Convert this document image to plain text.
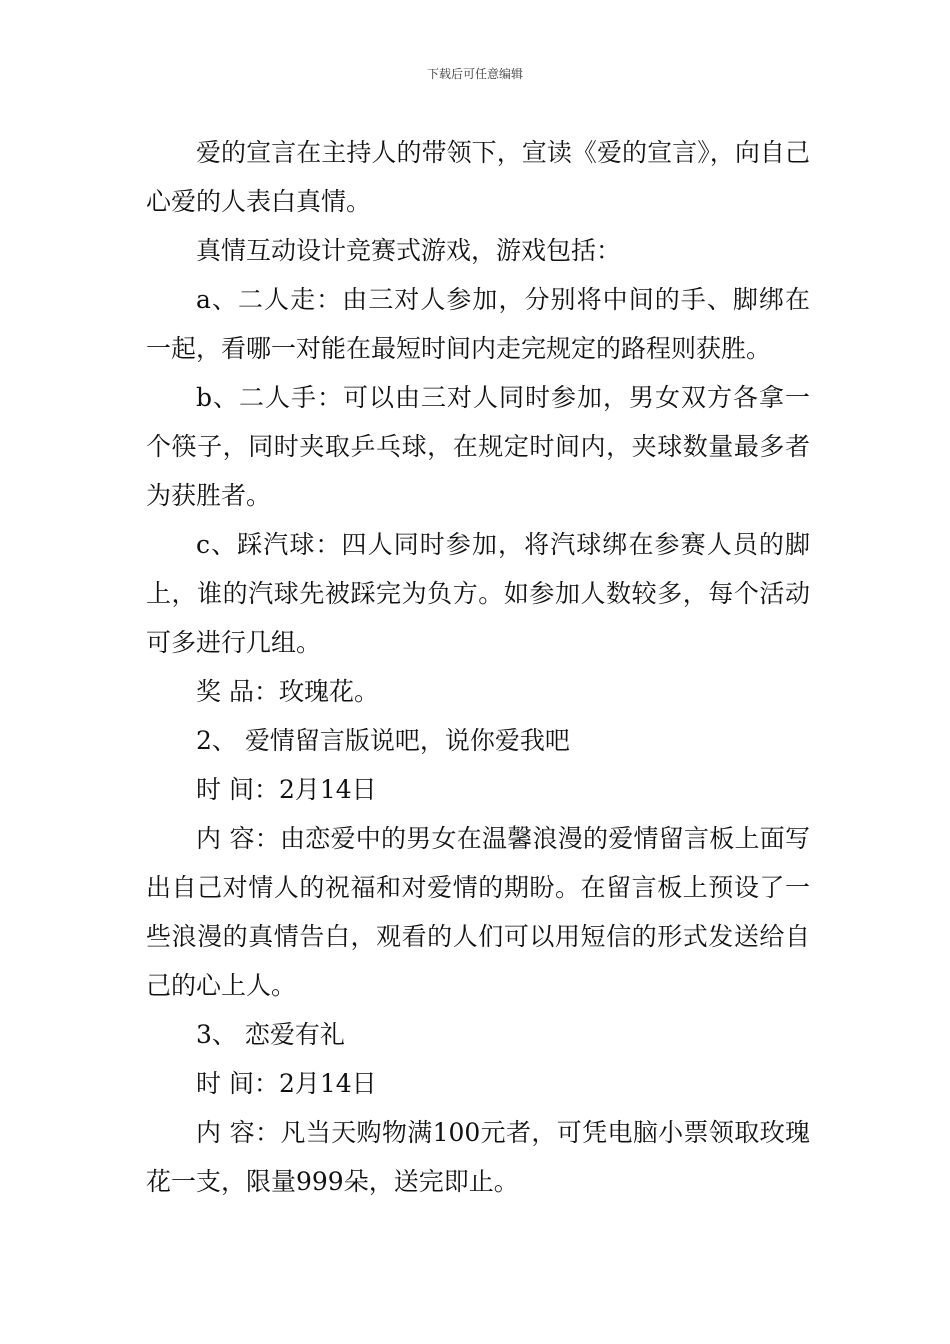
下载后可任意编辑

爱的宣言在主持人的带领下，宣读《爱的宣言》，向自己心爱的人表白真情。

真情互动设计竞赛式游戏，游戏包括：

a、二人走：由三对人参加，分别将中间的手、脚绑在一起，看哪一对能在最短时间内走完规定的路程则获胜。

b、二人手：可以由三对人同时参加，男女双方各拿一个筷子，同时夹取乒乓球，在规定时间内，夹球数量最多者为获胜者。

c、踩汽球：四人同时参加，将汽球绑在参赛人员的脚上，谁的汽球先被踩完为负方。如参加人数较多，每个活动可多进行几组。

奖 品：玫瑰花。

2、 爱情留言版说吧，说你爱我吧

时 间：2月14日

内 容：由恋爱中的男女在温馨浪漫的爱情留言板上面写出自己对情人的祝福和对爱情的期盼。在留言板上预设了一些浪漫的真情告白，观看的人们可以用短信的形式发送给自己的心上人。

3、 恋爱有礼

时 间：2月14日

内 容：凡当天购物满100元者，可凭电脑小票领取玫瑰花一支，限量999朵，送完即止。
